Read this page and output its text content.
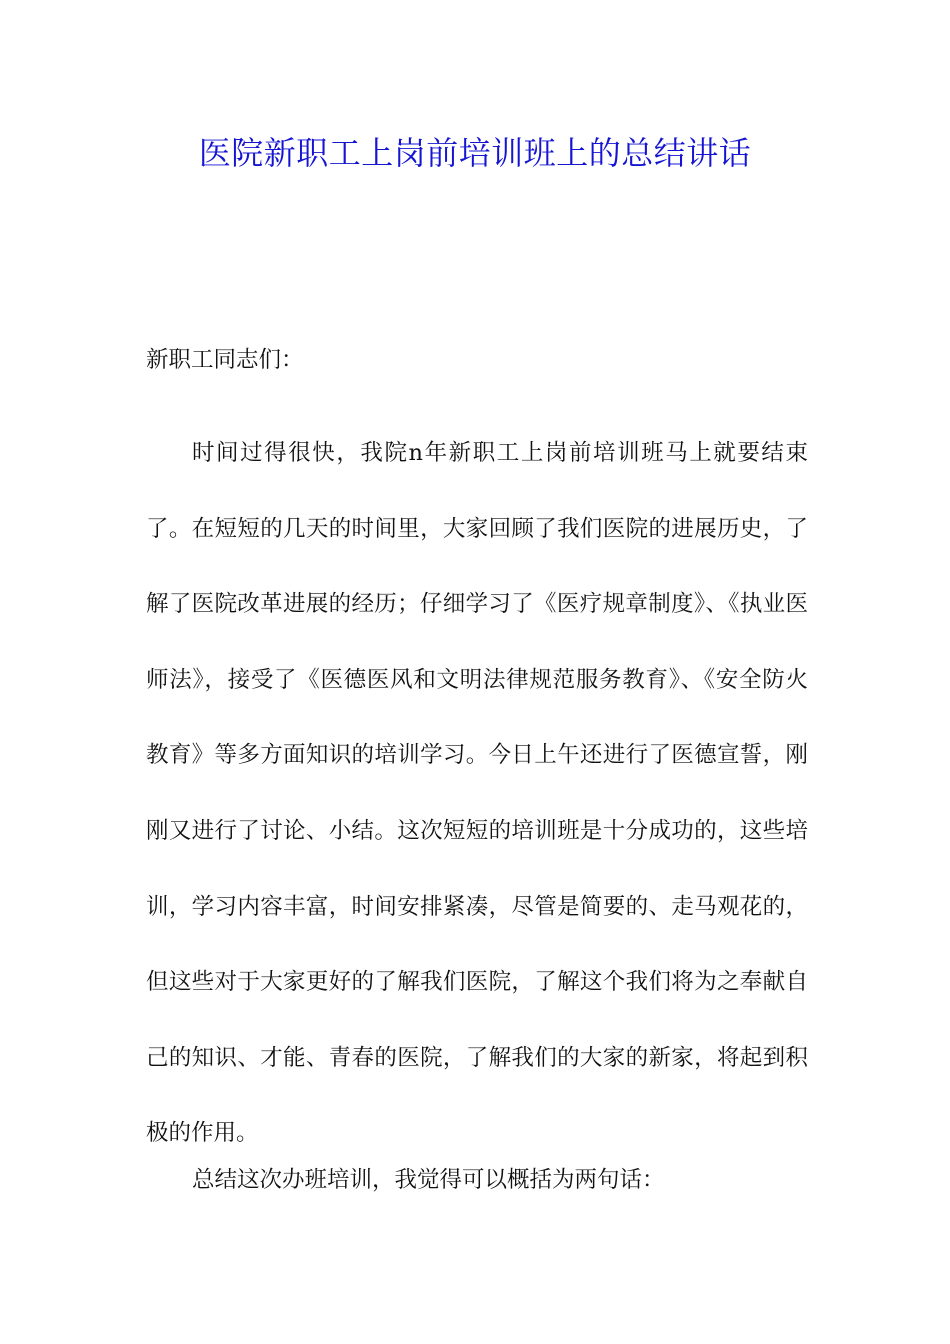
医院新职工上岗前培训班上的总结讲话
新职工同志们：
时间过得很快，我院n年新职工上岗前培训班马上就要结束了。在短短的几天的时间里，大家回顾了我们医院的进展历史，了解了医院改革进展的经历；仔细学习了《医疗规章制度》、《执业医师法》，接受了《医德医风和文明法律规范服务教育》、《安全防火教育》等多方面知识的培训学习。今日上午还进行了医德宣誓，刚刚又进行了讨论、小结。这次短短的培训班是十分成功的，这些培训，学习内容丰富，时间安排紧凑，尽管是简要的、走马观花的，但这些对于大家更好的了解我们医院，了解这个我们将为之奉献自己的知识、才能、青春的医院，了解我们的大家的新家，将起到积极的作用。
总结这次办班培训，我觉得可以概括为两句话：
